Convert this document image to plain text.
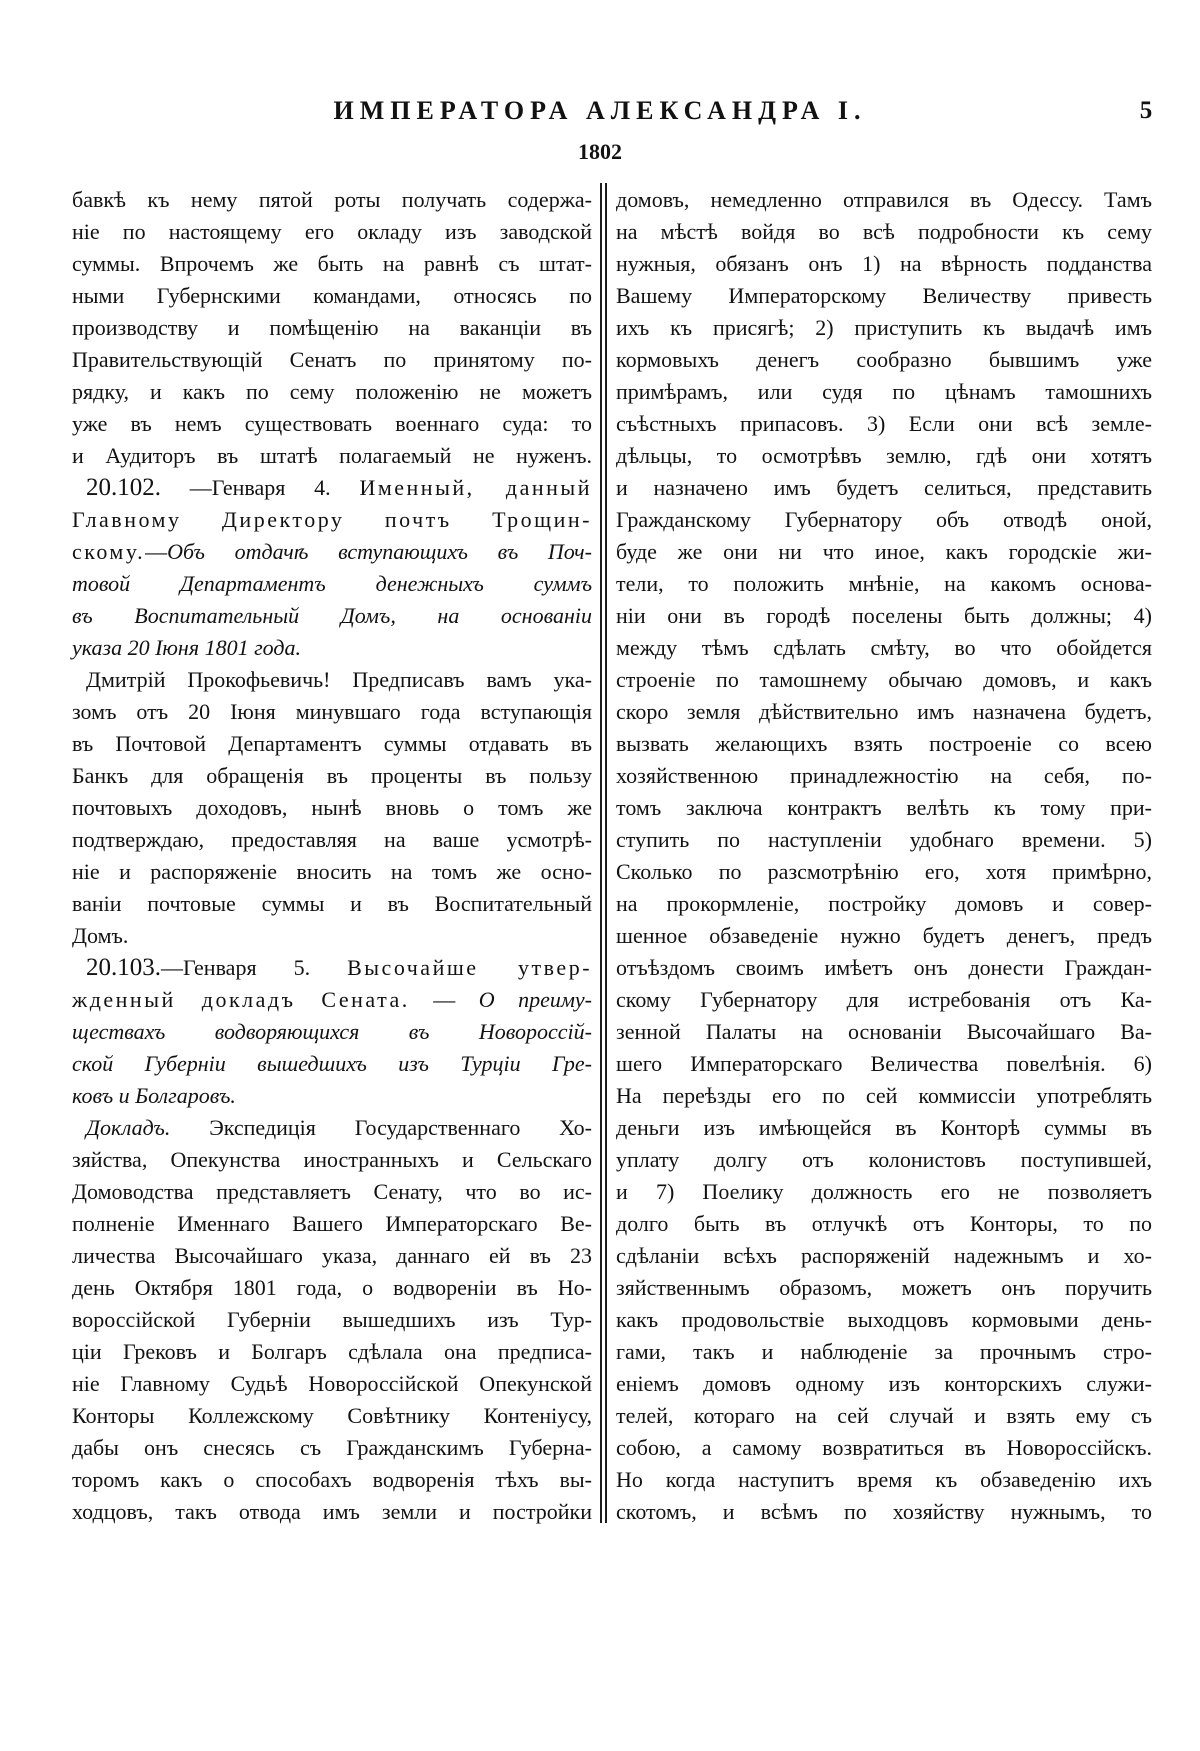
ИМПЕРАТОРА АЛЕКСАНДРА I.	5
1802
бавкѣ къ нему пятой роты получать содержа-
ніе по настоящему его окладу изъ заводской
суммы. Впрочемъ же быть на равнѣ съ штат-
ными Губернскими командами, относясь по
производству и помѣщенію на ваканціи въ
Правительствующій Сенатъ по принятому по-
рядку, и какъ по сему положенію не можетъ
уже въ немъ существовать военнаго суда: то
и Аудиторъ въ штатѣ полагаемый не нуженъ.
20.102. —Генваря 4. Именный, данный
Главному Директору почтъ Трощин-
скому.—Объ отдачѣ вступающихъ въ Поч-
товой Департаментъ денежныхъ суммъ
въ Воспитательный Домъ, на основаніи
указа 20 Іюня 1801 года.
Дмитрій Прокофьевичь! Предписавъ вамъ ука-
зомъ отъ 20 Іюня минувшаго года вступающія
въ Почтовой Департаментъ суммы отдавать въ
Банкъ для обращенія въ проценты въ пользу
почтовыхъ доходовъ, нынѣ вновь о томъ же
подтверждаю, предоставляя на ваше усмотрѣ-
ніе и распоряженіе вносить на томъ же осно-
ваніи почтовые суммы и въ Воспитательный
Домъ.
20.103.—Генваря 5. Высочайше утвер-
жденный докладъ Сената. — О преиму-
ществахъ водворяющихся въ Новороссій-
ской Губерніи вышедшихъ изъ Турціи Гре-
ковъ и Болгаровъ.
Докладъ. Экспедиція Государственнаго Хо-
зяйства, Опекунства иностранныхъ и Сельскаго
Домоводства представляетъ Сенату, что во ис-
полненіе Именнаго Вашего Императорскаго Ве-
личества Высочайшаго указа, даннаго ей въ 23
день Октября 1801 года, о водвореніи въ Но-
вороссійской Губерніи вышедшихъ изъ Тур-
ціи Грековъ и Болгаръ сдѣлала она предписа-
ніе Главному Судьѣ Новороссійской Опекунской
Конторы Коллежскому Совѣтнику Контеніусу,
дабы онъ снесясь съ Гражданскимъ Губерна-
торомъ какъ о способахъ водворенія тѣхъ вы-
ходцовъ, такъ отвода имъ земли и постройки
домовъ, немедленно отправился въ Одессу. Тамъ
на мѣстѣ войдя во всѣ подробности къ сему
нужныя, обязанъ онъ 1) на вѣрность подданства
Вашему Императорскому Величеству привесть
ихъ къ присягѣ; 2) приступить къ выдачѣ имъ
кормовыхъ денегъ сообразно бывшимъ уже
примѣрамъ, или судя по цѣнамъ тамошнихъ
съѣстныхъ припасовъ. 3) Если они всѣ земле-
дѣльцы, то осмотрѣвъ землю, гдѣ они хотятъ
и назначено имъ будетъ селиться, представить
Гражданскому Губернатору объ отводѣ оной,
буде же они ни что иное, какъ городскіе жи-
тели, то положить мнѣніе, на какомъ основа-
ніи они въ городѣ поселены быть должны; 4)
между тѣмъ сдѣлать смѣту, во что обойдется
строеніе по тамошнему обычаю домовъ, и какъ
скоро земля дѣйствительно имъ назначена будетъ,
вызвать желающихъ взять построеніе со всею
хозяйственною принадлежностію на себя, по-
томъ заключа контрактъ велѣть къ тому при-
ступить по наступленіи удобнаго времени. 5)
Сколько по разсмотрѣнію его, хотя примѣрно,
на прокормленіе, постройку домовъ и совер-
шенное обзаведеніе нужно будетъ денегъ, предъ
отъѣздомъ своимъ имѣетъ онъ донести Граждан-
скому Губернатору для истребованія отъ Ка-
зенной Палаты на основаніи Высочайшаго Ва-
шего Императорскаго Величества повелѣнія. 6)
На переѣзды его по сей коммиссіи употреблять
деньги изъ имѣющейся въ Конторѣ суммы въ
уплату долгу отъ колонистовъ поступившей,
и 7) Поелику должность его не позволяетъ
долго быть въ отлучкѣ отъ Конторы, то по
сдѣланіи всѣхъ распоряженій надежнымъ и хо-
зяйственнымъ образомъ, можетъ онъ поручить
какъ продовольствіе выходцовъ кормовыми день-
гами, такъ и наблюденіе за прочнымъ стро-
еніемъ домовъ одному изъ конторскихъ служи-
телей, котораго на сей случай и взять ему съ
собою, а самому возвратиться въ Новороссійскъ.
Но когда наступитъ время къ обзаведенію ихъ
скотомъ, и всѣмъ по хозяйству нужнымъ, то
